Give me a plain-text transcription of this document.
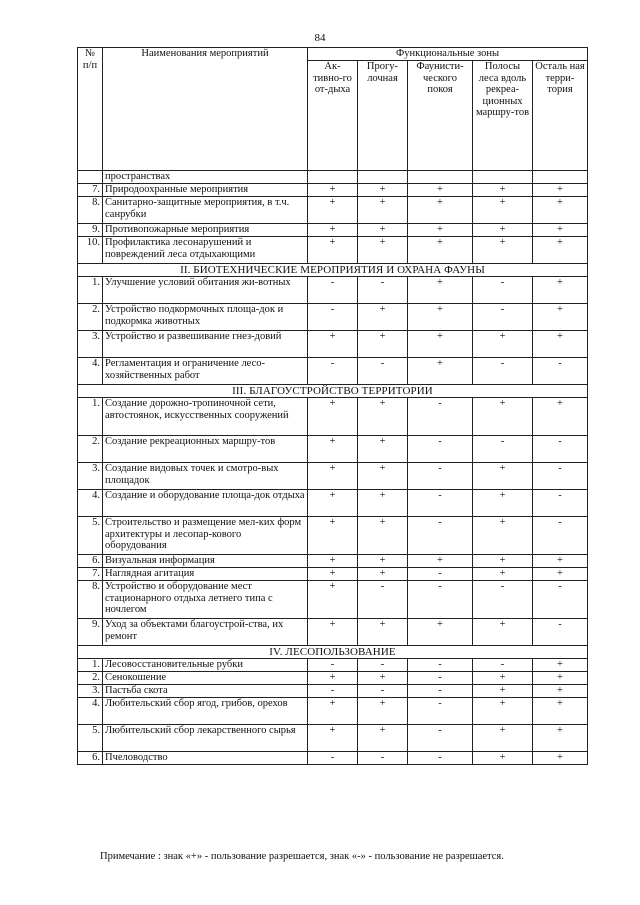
84
№ п/п	Наименования мероприятий	Функциональные зоны				
		Ак-тивно-го от-дыха	Прогу-лочная	Фаунисти-ческого покоя	Полосы леса вдоль рекреа-ционных маршру-тов	Осталь ная терри-тория
	пространствах					
7.	Природоохранные мероприятия	+	+	+	+	+
8.	Санитарно-защитные мероприятия, в т.ч. санрубки	+	+	+	+	+
9.	Противопожарные мероприятия	+	+	+	+	+
10.	Профилактика лесонарушений и повреждений леса отдыхающими	+	+	+	+	+
II. БИОТЕХНИЧЕСКИЕ МЕРОПРИЯТИЯ И ОХРАНА ФАУНЫ						
1.	Улучшение условий обитания жи-вотных	-	-	+	-	+
2.	Устройство подкормочных площа-док и подкормка животных	-	+	+	-	+
3.	Устройство и развешивание гнез-довий	+	+	+	+	+
4.	Регламентация и ограничение лесо-хозяйственных работ	-	-	+	-	-
III. БЛАГОУСТРОЙСТВО ТЕРРИТОРИИ						
1.	Создание дорожно-тропиночной сети, автостоянок, искусственных сооружений	+	+	-	+	+
2.	Создание рекреационных маршру-тов	+	+	-	-	-
3.	Создание видовых точек и смотро-вых площадок	+	+	-	+	-
4.	Создание и оборудование площа-док отдыха	+	+	-	+	-
5.	Строительство и размещение мел-ких форм архитектуры и лесопар-кового оборудования	+	+	-	+	-
6.	Визуальная информация	+	+	+	+	+
7.	Наглядная агитация	+	+	-	+	+
8.	Устройство и оборудование мест стационарного отдыха летнего типа с ночлегом	+	-	-	-	-
9.	Уход за объектами благоустрой-ства, их ремонт	+	+	+	+	-
IV. ЛЕСОПОЛЬЗОВАНИЕ						
1.	Лесовосстановительные рубки	-	-	-	-	+
2.	Сенокошение	+	+	-	+	+
3.	Пастьба скота	-	-	-	+	+
4.	Любительский сбор ягод, грибов, орехов	+	+	-	+	+
5.	Любительский сбор лекарственного сырья	+	+	-	+	+
6.	Пчеловодство	-	-	-	+	+
Примечание : знак «+» - пользование разрешается, знак «-» - пользование не разрешается.
